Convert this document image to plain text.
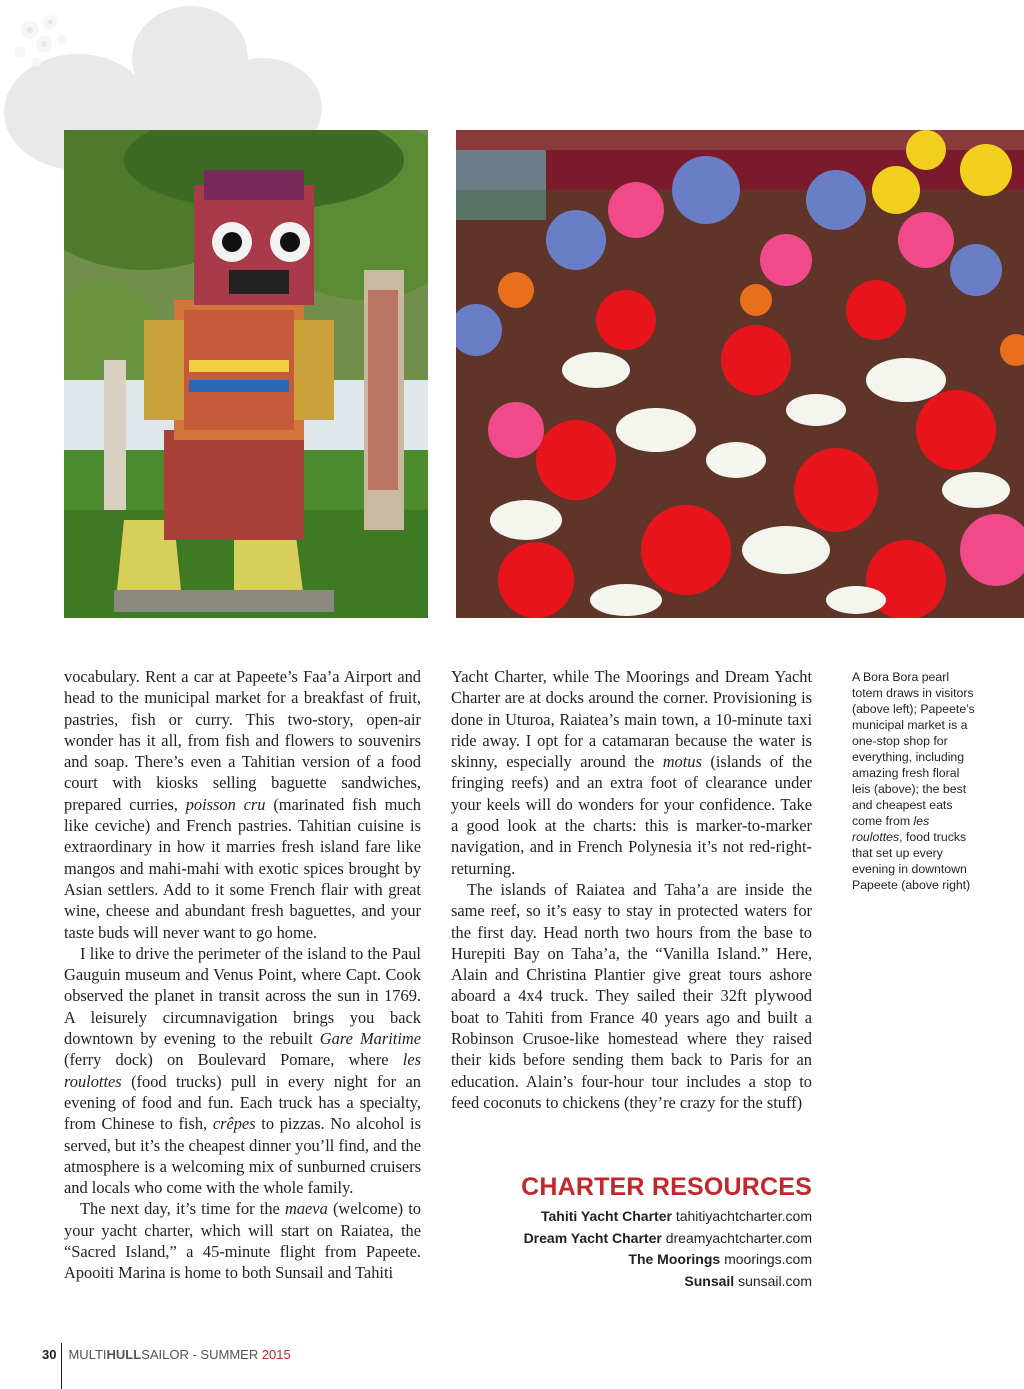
vocabulary. Rent a car at Papeete’s Faa’a Airport and head to the municipal market for a breakfast of fruit, pastries, fish or curry. This two-story, open-air wonder has it all, from fish and flowers to souvenirs and soap. There’s even a Tahitian version of a food court with kiosks selling baguette sandwiches, prepared curries, poisson cru (marinated fish much like ceviche) and French pastries. Tahitian cuisine is extraordinary in how it marries fresh island fare like mangos and mahi-mahi with exotic spices brought by Asian settlers. Add to it some French flair with great wine, cheese and abundant fresh baguettes, and your taste buds will never want to go home.

I like to drive the perimeter of the island to the Paul Gauguin museum and Venus Point, where Capt. Cook observed the planet in transit across the sun in 1769. A leisurely circumnavigation brings you back downtown by evening to the rebuilt Gare Maritime (ferry dock) on Boulevard Pomare, where les roulottes (food trucks) pull in every night for an evening of food and fun. Each truck has a specialty, from Chinese to fish, crêpes to pizzas. No alcohol is served, but it’s the cheapest dinner you’ll find, and the atmosphere is a welcoming mix of sunburned cruisers and locals who come with the whole family.

The next day, it’s time for the maeva (welcome) to your yacht charter, which will start on Raiatea, the “Sacred Island,” a 45-minute flight from Papeete. Apooiti Marina is home to both Sunsail and Tahiti

Yacht Charter, while The Moorings and Dream Yacht Charter are at docks around the corner. Provisioning is done in Uturoa, Raiatea’s main town, a 10-minute taxi ride away. I opt for a catamaran because the water is skinny, especially around the motus (islands of the fringing reefs) and an extra foot of clearance under your keels will do wonders for your confidence. Take a good look at the charts: this is marker-to-marker navigation, and in French Polynesia it’s not red-right-returning.

The islands of Raiatea and Taha’a are inside the same reef, so it’s easy to stay in protected waters for the first day. Head north two hours from the base to Hurepiti Bay on Taha’a, the “Vanilla Island.” Here, Alain and Christina Plantier give great tours ashore aboard a 4x4 truck. They sailed their 32ft plywood boat to Tahiti from France 40 years ago and built a Robinson Crusoe-like homestead where they raised their kids before sending them back to Paris for an education. Alain’s four-hour tour includes a stop to feed coconuts to chickens (they’re crazy for the stuff)

A Bora Bora pearl totem draws in visitors (above left); Papeete’s municipal market is a one-stop shop for everything, including amazing fresh floral leis (above); the best and cheapest eats come from les roulottes, food trucks that set up every evening in downtown Papeete (above right)
CHARTER RESOURCES
Tahiti Yacht Charter tahitiyachtcharter.com
Dream Yacht Charter dreamyachtcharter.com
The Moorings moorings.com
Sunsail sunsail.com
30 MULTIHULLSAILOR - SUMMER 2015
